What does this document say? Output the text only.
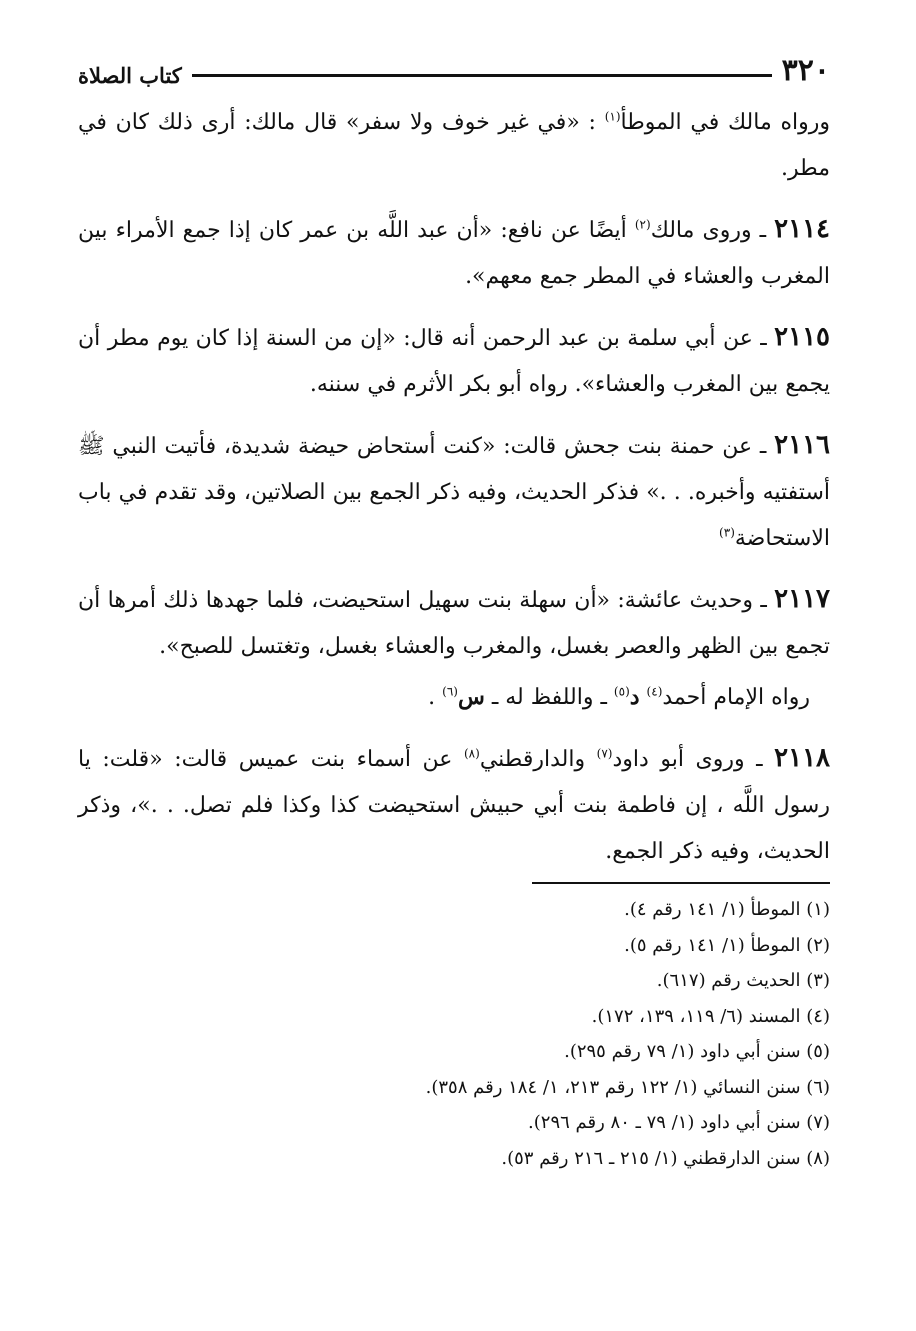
٣٢٠
كتاب الصلاة

ورواه مالك في الموطأ$^{(١)}$ : «في غير خوف ولا سفر» قال مالك: أرى ذلك كان في مطر.

٢١١٤ ـ وروى مالك$^{(٢)}$ أيضًا عن نافع: «أن عبد اللَّه بن عمر كان إذا جمع الأمراء بين المغرب والعشاء في المطر جمع معهم».

٢١١٥ ـ عن أبي سلمة بن عبد الرحمن أنه قال: «إن من السنة إذا كان يوم مطر أن يجمع بين المغرب والعشاء». رواه أبو بكر الأثرم في سننه.

٢١١٦ ـ عن حمنة بنت جحش قالت: «كنت أستحاض حيضة شديدة، فأتيت النبي ﷺ أستفتيه وأخبره. . .» فذكر الحديث، وفيه ذكر الجمع بين الصلاتين، وقد تقدم في باب الاستحاضة$^{(٣)}$

٢١١٧ ـ وحديث عائشة: «أن سهلة بنت سهيل استحيضت، فلما جهدها ذلك أمرها أن تجمع بين الظهر والعصر بغسل، والمغرب والعشاء بغسل، وتغتسل للصبح».

رواه الإمام أحمد$^{(٤)}$ د$^{(٥)}$ ـ واللفظ له ـ س$^{(٦)}$ .

٢١١٨ ـ وروى أبو داود$^{(٧)}$ والدارقطني$^{(٨)}$ عن أسماء بنت عميس قالت: «قلت: يا رسول اللَّه ، إن فاطمة بنت أبي حبيش استحيضت كذا وكذا فلم تصل. . .»، وذكر الحديث، وفيه ذكر الجمع.

(١) الموطأ (١/ ١٤١ رقم ٤).
(٢) الموطأ (١/ ١٤١ رقم ٥).
(٣) الحديث رقم (٦١٧).
(٤) المسند (٦/ ١١٩، ١٣٩، ١٧٢).
(٥) سنن أبي داود (١/ ٧٩ رقم ٢٩٥).
(٦) سنن النسائي (١/ ١٢٢ رقم ٢١٣، ١/ ١٨٤ رقم ٣٥٨).
(٧) سنن أبي داود (١/ ٧٩ ـ ٨٠ رقم ٢٩٦).
(٨) سنن الدارقطني (١/ ٢١٥ ـ ٢١٦ رقم ٥٣).
